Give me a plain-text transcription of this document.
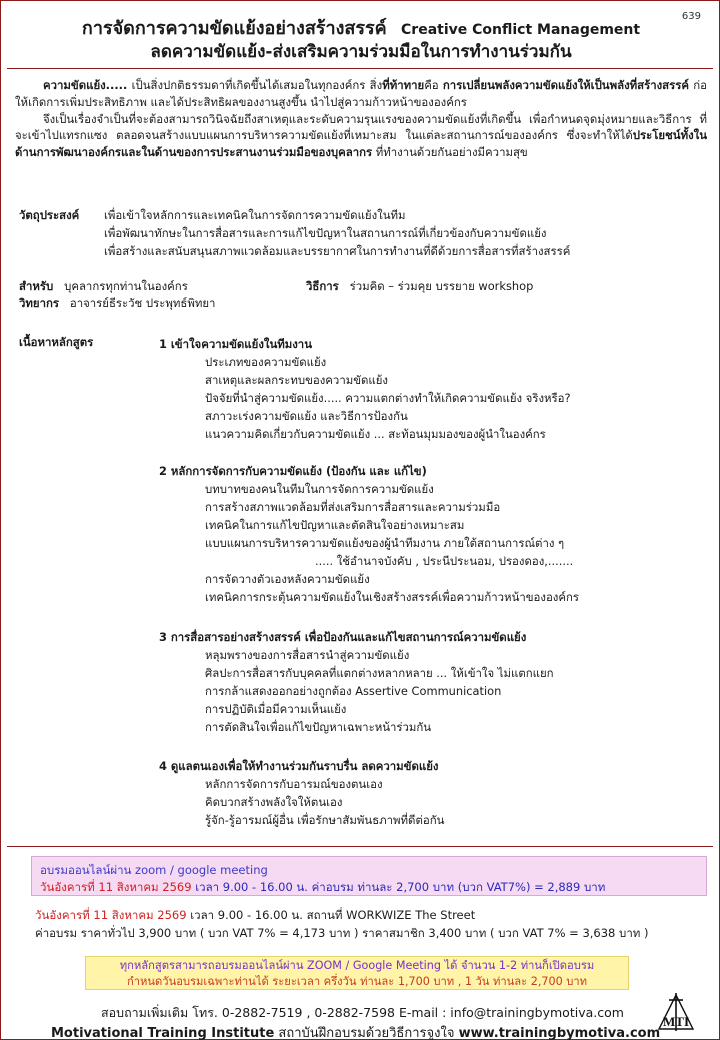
639
การจัดการความขัดแย้งอย่างสร้างสรรค์ Creative Conflict Management
ลดความขัดแย้ง-ส่งเสริมความร่วมมือในการทำงานร่วมกัน

ความขัดแย้ง..... เป็นสิ่งปกติธรรมดาที่เกิดขึ้นได้เสมอในทุกองค์กร สิ่งที่ท้าทายคือ การเปลี่ยนพลังความขัดแย้งให้เป็นพลังที่สร้างสรรค์ ก่อให้เกิดการเพิ่มประสิทธิภาพ และได้ประสิทธิผลของงานสูงขึ้น นำไปสู่ความก้าวหน้าขององค์กร

จึงเป็นเรื่องจำเป็นที่จะต้องสามารถวินิจฉัยถึงสาเหตุและระดับความรุนแรงของความขัดแย้งที่เกิดขึ้น เพื่อกำหนดจุดมุ่งหมายและวิธีการ ที่จะเข้าไปแทรกแซง ตลอดจนสร้างแบบแผนการบริหารความขัดแย้งที่เหมาะสม ในแต่ละสถานการณ์ขององค์กร ซึ่งจะทำให้ได้ประโยชน์ทั้งในด้านการพัฒนาองค์กรและในด้านของการประสานงานร่วมมือของบุคลากร ที่ทำงานด้วยกันอย่างมีความสุข

วัตถุประสงค์ เพื่อเข้าใจหลักการและเทคนิคในการจัดการความขัดแย้งในทีม
เพื่อพัฒนาทักษะในการสื่อสารและการแก้ไขปัญหาในสถานการณ์ที่เกี่ยวข้องกับความขัดแย้ง
เพื่อสร้างและสนับสนุนสภาพแวดล้อมและบรรยากาศในการทำงานที่ดีด้วยการสื่อสารที่สร้างสรรค์
สำหรับ บุคลากรทุกท่านในองค์กร	วิธีการ ร่วมคิด – ร่วมคุย บรรยาย workshop
วิทยากร อาจารย์ธีระวัช ประพุทธ์พิทยา
เนื้อหาหลักสูตร	1 เข้าใจความขัดแย้งในทีมงาน
ประเภทของความขัดแย้ง
สาเหตุและผลกระทบของความขัดแย้ง
ปัจจัยที่นำสู่ความขัดแย้ง..... ความแตกต่างทำให้เกิดความขัดแย้ง จริงหรือ?
สภาวะเร่งความขัดแย้ง และวิธีการป้องกัน
แนวความคิดเกี่ยวกับความขัดแย้ง ... สะท้อนมุมมองของผู้นำในองค์กร
2 หลักการจัดการกับความขัดแย้ง (ป้องกัน และ แก้ไข)
บทบาทของคนในทีมในการจัดการความขัดแย้ง
การสร้างสภาพแวดล้อมที่ส่งเสริมการสื่อสารและความร่วมมือ
เทคนิคในการแก้ไขปัญหาและตัดสินใจอย่างเหมาะสม
แบบแผนการบริหารความขัดแย้งของผู้นำทีมงาน ภายใต้สถานการณ์ต่าง ๆ
..... ใช้อำนาจบังคับ , ประนีประนอม, ปรองดอง,.......
การจัดวางตัวเองหลังความขัดแย้ง
เทคนิคการกระตุ้นความขัดแย้งในเชิงสร้างสรรค์เพื่อความก้าวหน้าขององค์กร
3 การสื่อสารอย่างสร้างสรรค์ เพื่อป้องกันและแก้ไขสถานการณ์ความขัดแย้ง
หลุมพรางของการสื่อสารนำสู่ความขัดแย้ง
ศิลปะการสื่อสารกับบุคคลที่แตกต่างหลากหลาย ... ให้เข้าใจ ไม่แตกแยก
การกล้าแสดงออกอย่างถูกต้อง Assertive Communication
การปฏิบัติเมื่อมีความเห็นแย้ง
การตัดสินใจเพื่อแก้ไขปัญหาเฉพาะหน้าร่วมกัน
4 ดูแลตนเองเพื่อให้ทำงานร่วมกันราบรื่น ลดความขัดแย้ง
หลักการจัดการกับอารมณ์ของตนเอง
คิดบวกสร้างพลังใจให้ตนเอง
รู้จัก-รู้อารมณ์ผู้อื่น เพื่อรักษาสัมพันธภาพที่ดีต่อกัน
อบรมออนไลน์ผ่าน zoom / google meeting
วันอังคารที่ 11 สิงหาคม 2569 เวลา 9.00 - 16.00 น. ค่าอบรม ท่านละ 2,700 บาท (บวก VAT7%) = 2,889 บาท
วันอังคารที่ 11 สิงหาคม 2569 เวลา 9.00 - 16.00 น. สถานที่ WORKWIZE The Street
ค่าอบรม ราคาทั่วไป 3,900 บาท ( บวก VAT 7% = 4,173 บาท ) ราคาสมาชิก 3,400 บาท ( บวก VAT 7% = 3,638 บาท )
ทุกหลักสูตรสามารถอบรมออนไลน์ผ่าน ZOOM / Google Meeting ได้ จำนวน 1-2 ท่านก็เปิดอบรม
กำหนดวันอบรมเฉพาะท่านได้ ระยะเวลา ครึ่งวัน ท่านละ 1,700 บาท , 1 วัน ท่านละ 2,700 บาท
สอบถามเพิ่มเติม โทร. 0-2882-7519 , 0-2882-7598 E-mail : info@trainingbymotiva.com
Motivational Training Institute สถาบันฝึกอบรมด้วยวิธีการจูงใจ www.trainingbymotiva.com
MTI
